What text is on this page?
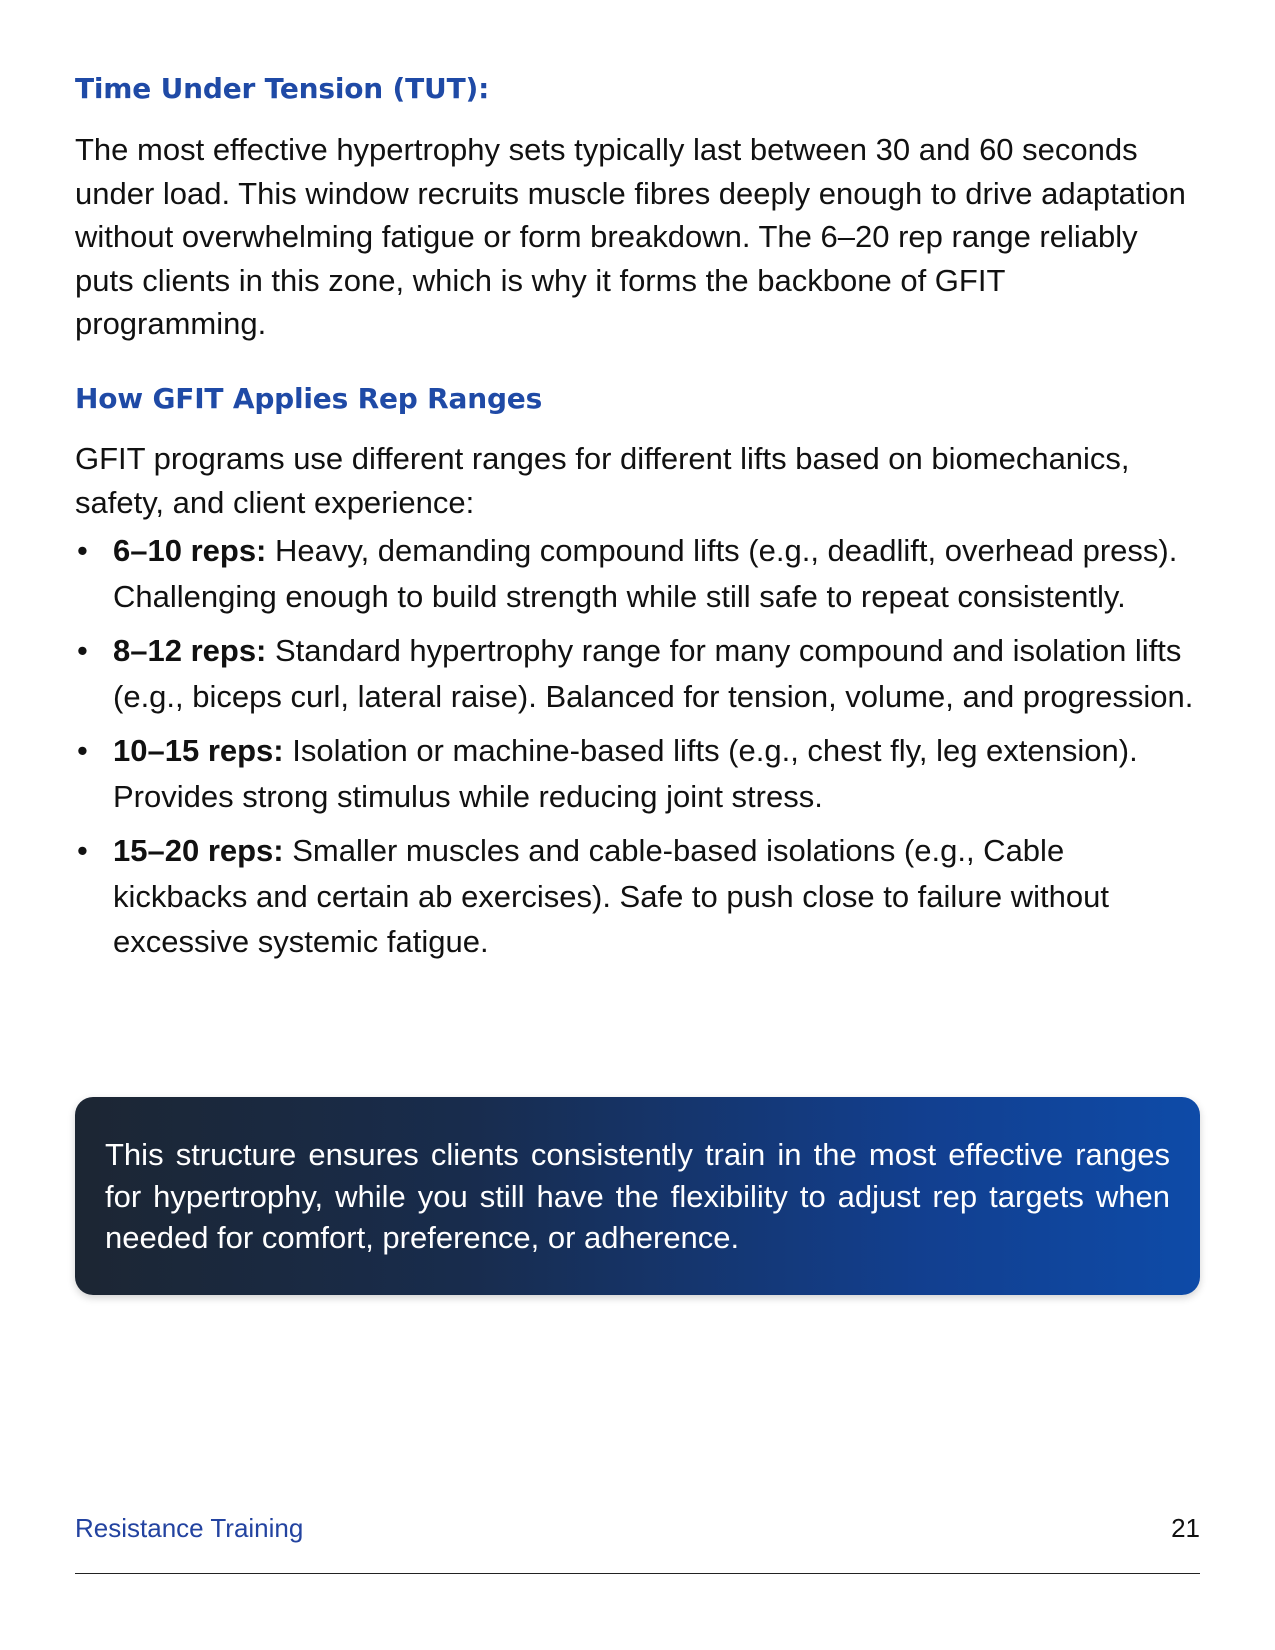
Time Under Tension (TUT):

The most effective hypertrophy sets typically last between 30 and 60 seconds under load. This window recruits muscle fibres deeply enough to drive adaptation without overwhelming fatigue or form breakdown. The 6–20 rep range reliably puts clients in this zone, which is why it forms the backbone of GFIT programming.

How GFIT Applies Rep Ranges

GFIT programs use different ranges for different lifts based on biomechanics, safety, and client experience:

• 6–10 reps: Heavy, demanding compound lifts (e.g., deadlift, overhead press). Challenging enough to build strength while still safe to repeat consistently.
• 8–12 reps: Standard hypertrophy range for many compound and isolation lifts (e.g., biceps curl, lateral raise). Balanced for tension, volume, and progression.
• 10–15 reps: Isolation or machine-based lifts (e.g., chest fly, leg extension). Provides strong stimulus while reducing joint stress.
• 15–20 reps: Smaller muscles and cable-based isolations (e.g., Cable kickbacks and certain ab exercises). Safe to push close to failure without excessive systemic fatigue.

This structure ensures clients consistently train in the most effective ranges for hypertrophy, while you still have the flexibility to adjust rep targets when needed for comfort, preference, or adherence.

Resistance Training	21
